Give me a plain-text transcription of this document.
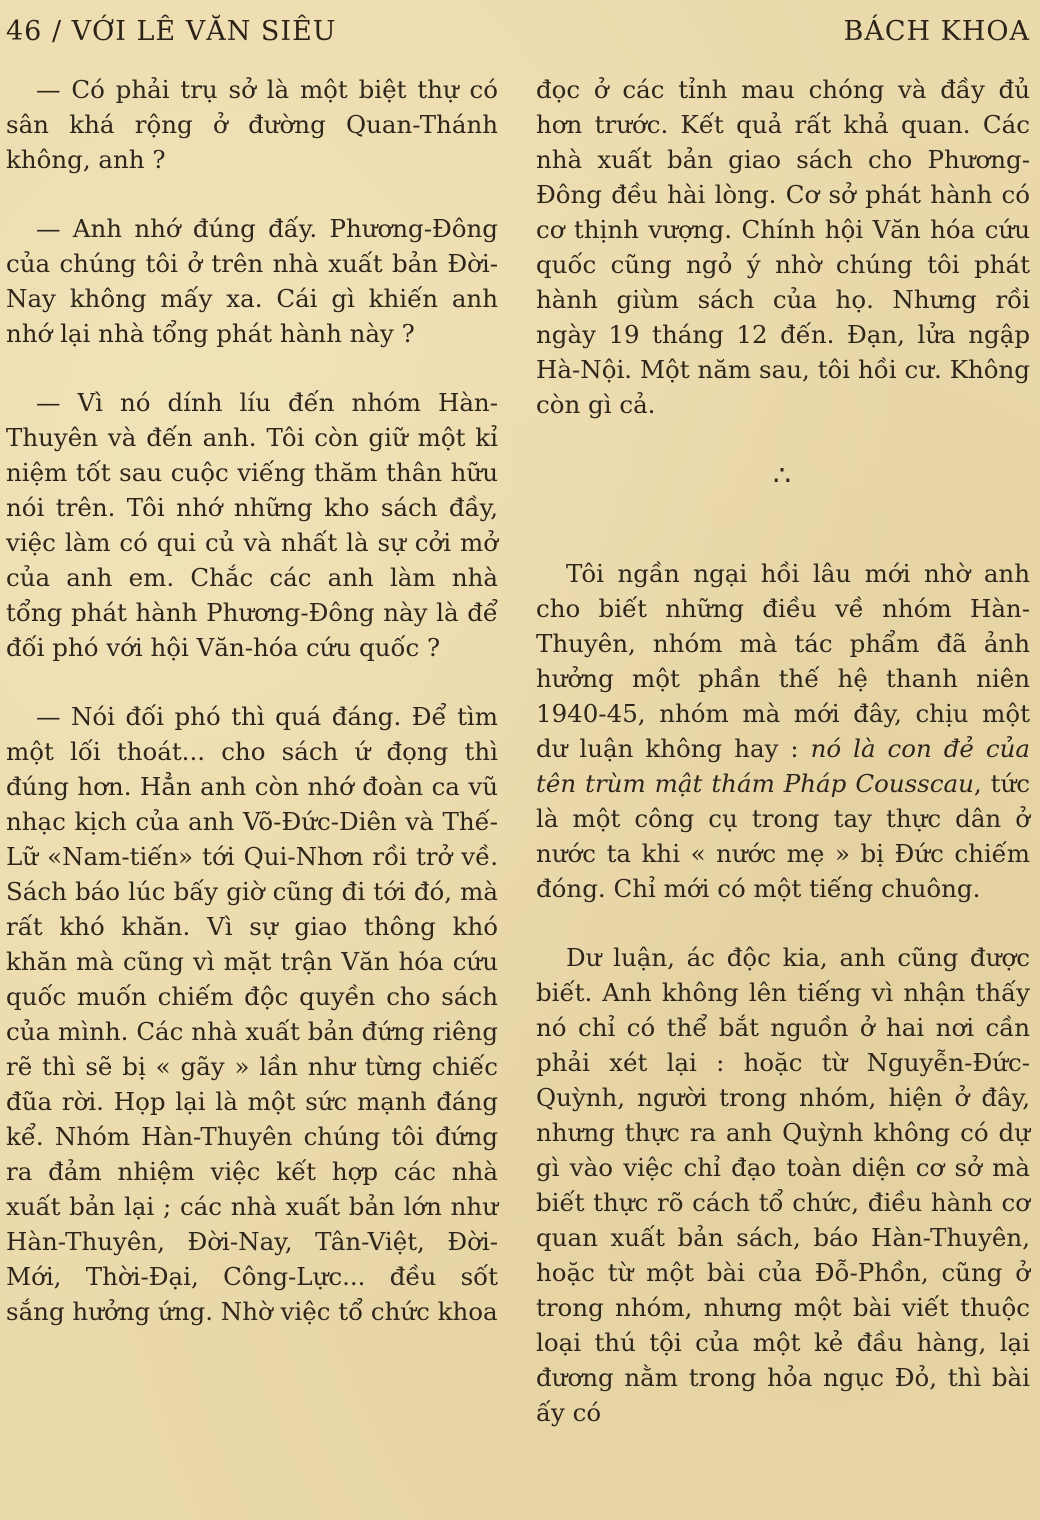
46 / VỚI LÊ VĂN SIÊU	BÁCH KHOA

— Có phải trụ sở là một biệt thự có sân khá rộng ở đường Quan-Thánh không, anh ?

— Anh nhớ đúng đấy. Phương-Đông của chúng tôi ở trên nhà xuất bản Đời-Nay không mấy xa. Cái gì khiến anh nhớ lại nhà tổng phát hành này ?

— Vì nó dính líu đến nhóm Hàn-Thuyên và đến anh. Tôi còn giữ một kỉ niệm tốt sau cuộc viếng thăm thân hữu nói trên. Tôi nhớ những kho sách đầy, việc làm có qui củ và nhất là sự cởi mở của anh em. Chắc các anh làm nhà tổng phát hành Phương-Đông này là để đối phó với hội Văn-hóa cứu quốc ?

— Nói đối phó thì quá đáng. Để tìm một lối thoát... cho sách ứ đọng thì đúng hơn. Hẳn anh còn nhớ đoàn ca vũ nhạc kịch của anh Võ-Đức-Diên và Thế-Lữ «Nam-tiến» tới Qui-Nhơn rồi trở về. Sách báo lúc bấy giờ cũng đi tới đó, mà rất khó khăn. Vì sự giao thông khó khăn mà cũng vì mặt trận Văn hóa cứu quốc muốn chiếm độc quyền cho sách của mình. Các nhà xuất bản đứng riêng rẽ thì sẽ bị « gãy » lần như từng chiếc đũa rời. Họp lại là một sức mạnh đáng kể. Nhóm Hàn-Thuyên chúng tôi đứng ra đảm nhiệm việc kết hợp các nhà xuất bản lại ; các nhà xuất bản lớn như Hàn-Thuyên, Đời-Nay, Tân-Việt, Đời-Mới, Thời-Đại, Công-Lực... đều sốt sắng hưởng ứng. Nhờ việc tổ chức khoa

đọc ở các tỉnh mau chóng và đầy đủ hơn trước. Kết quả rất khả quan. Các nhà xuất bản giao sách cho Phương-Đông đều hài lòng. Cơ sở phát hành có cơ thịnh vượng. Chính hội Văn hóa cứu quốc cũng ngỏ ý nhờ chúng tôi phát hành giùm sách của họ. Nhưng rồi ngày 19 tháng 12 đến. Đạn, lửa ngập Hà-Nội. Một năm sau, tôi hồi cư. Không còn gì cả.

∴

Tôi ngần ngại hồi lâu mới nhờ anh cho biết những điều về nhóm Hàn-Thuyên, nhóm mà tác phẩm đã ảnh hưởng một phần thế hệ thanh niên 1940-45, nhóm mà mới đây, chịu một dư luận không hay : nó là con đẻ của tên trùm mật thám Pháp Cousscau, tức là một công cụ trong tay thực dân ở nước ta khi « nước mẹ » bị Đức chiếm đóng. Chỉ mới có một tiếng chuông.

Dư luận, ác độc kia, anh cũng được biết. Anh không lên tiếng vì nhận thấy nó chỉ có thể bắt nguồn ở hai nơi cần phải xét lại : hoặc từ Nguyễn-Đức-Quỳnh, người trong nhóm, hiện ở đây, nhưng thực ra anh Quỳnh không có dự gì vào việc chỉ đạo toàn diện cơ sở mà biết thực rõ cách tổ chức, điều hành cơ quan xuất bản sách, báo Hàn-Thuyên, hoặc từ một bài của Đỗ-Phồn, cũng ở trong nhóm, nhưng một bài viết thuộc loại thú tội của một kẻ đầu hàng, lại đương nằm trong hỏa ngục Đỏ, thì bài ấy có
